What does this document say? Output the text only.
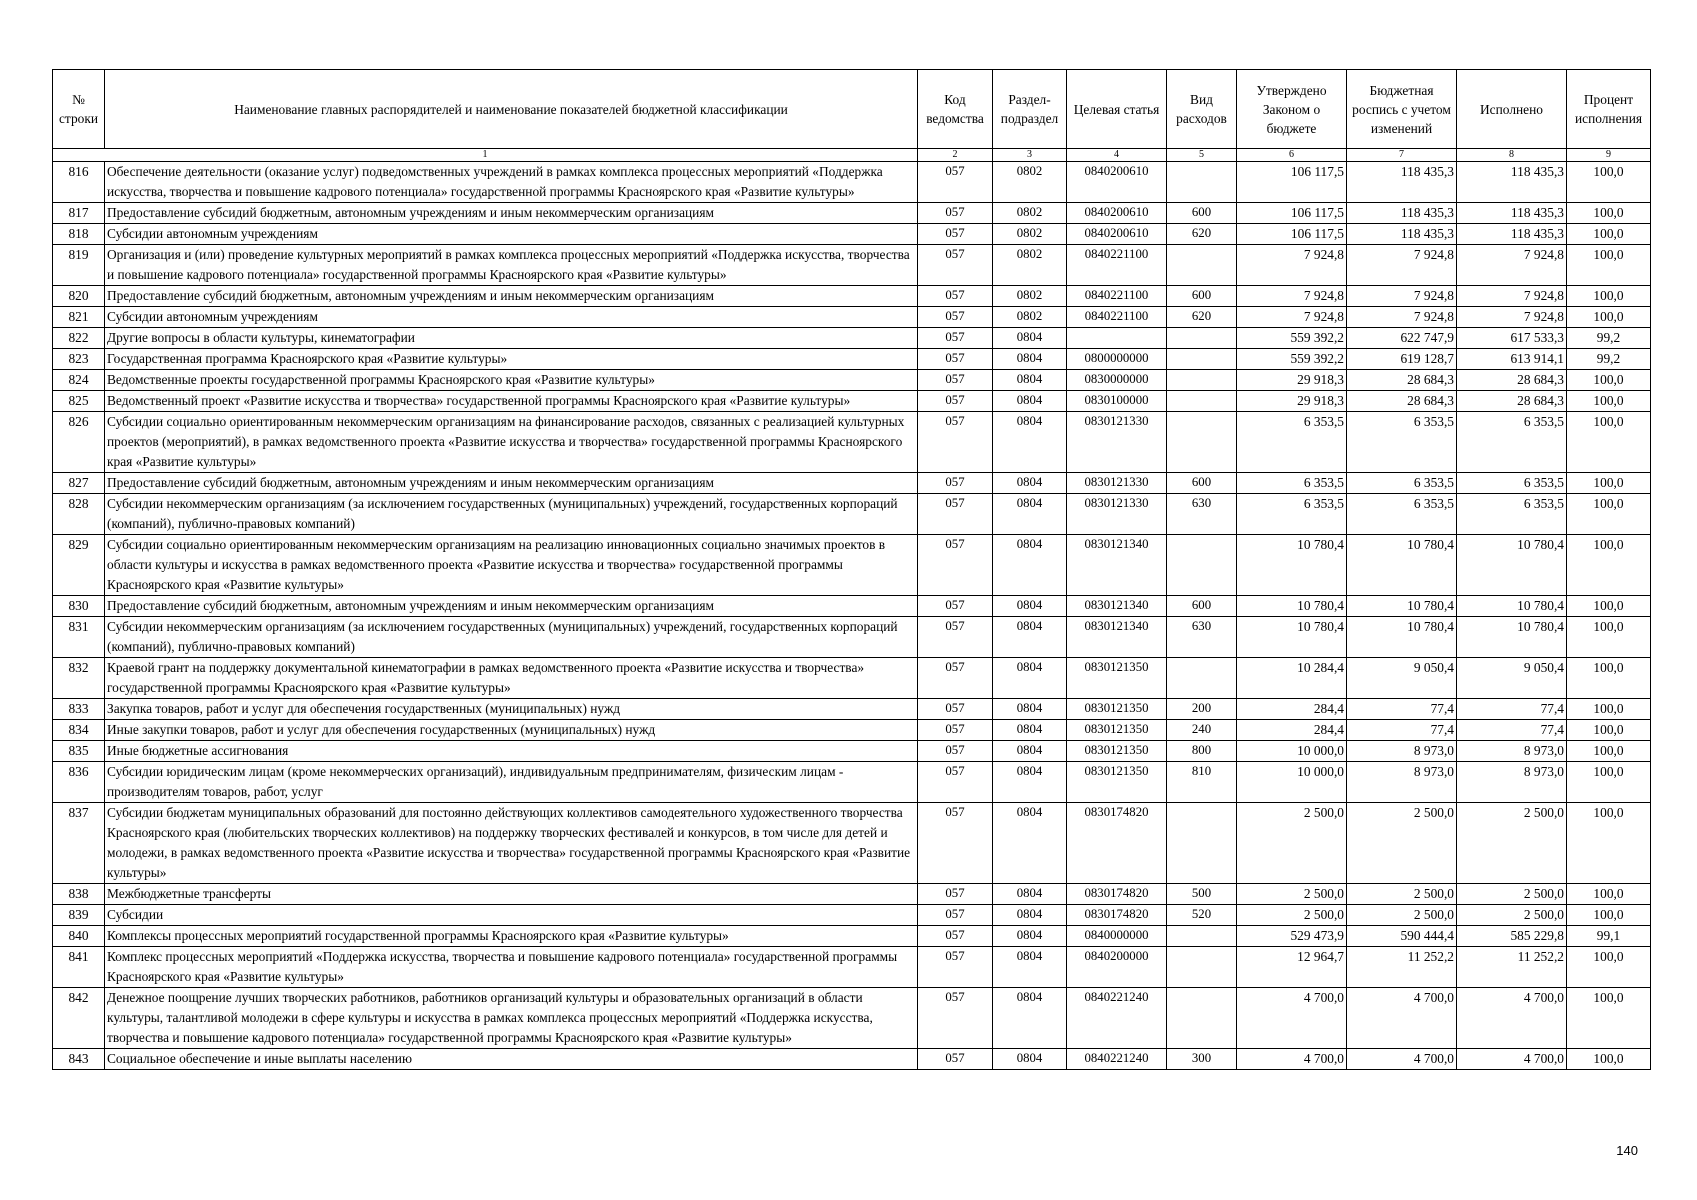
№ строки	Наименование главных распорядителей и наименование показателей бюджетной классификации	Код ведомства	Раздел-подраздел	Целевая статья	Вид расходов	Утверждено Законом о бюджете	Бюджетная роспись с учетом изменений	Исполнено	Процент исполнения
1		2	3	4	5	6	7	8	9
816	Обеспечение деятельности (оказание услуг) подведомственных учреждений в рамках комплекса процессных мероприятий «Поддержка искусства, творчества и повышение кадрового потенциала» государственной программы Красноярского края «Развитие культуры»	057	0802	0840200610		106 117,5	118 435,3	118 435,3	100,0
817	Предоставление субсидий бюджетным, автономным учреждениям и иным некоммерческим организациям	057	0802	0840200610	600	106 117,5	118 435,3	118 435,3	100,0
818	Субсидии автономным учреждениям	057	0802	0840200610	620	106 117,5	118 435,3	118 435,3	100,0
819	Организация и (или) проведение культурных мероприятий в рамках комплекса процессных мероприятий «Поддержка искусства, творчества и повышение кадрового потенциала» государственной программы Красноярского края «Развитие культуры»	057	0802	0840221100		7 924,8	7 924,8	7 924,8	100,0
820	Предоставление субсидий бюджетным, автономным учреждениям и иным некоммерческим организациям	057	0802	0840221100	600	7 924,8	7 924,8	7 924,8	100,0
821	Субсидии автономным учреждениям	057	0802	0840221100	620	7 924,8	7 924,8	7 924,8	100,0
822	Другие вопросы в области культуры, кинематографии	057	0804			559 392,2	622 747,9	617 533,3	99,2
823	Государственная программа Красноярского края «Развитие культуры»	057	0804	0800000000		559 392,2	619 128,7	613 914,1	99,2
824	Ведомственные проекты государственной программы Красноярского края «Развитие культуры»	057	0804	0830000000		29 918,3	28 684,3	28 684,3	100,0
825	Ведомственный проект «Развитие искусства и творчества» государственной программы Красноярского края «Развитие культуры»	057	0804	0830100000		29 918,3	28 684,3	28 684,3	100,0
826	Субсидии социально ориентированным некоммерческим организациям на финансирование расходов, связанных с реализацией культурных проектов (мероприятий), в рамках ведомственного проекта «Развитие искусства и творчества» государственной программы Красноярского края «Развитие культуры»	057	0804	0830121330		6 353,5	6 353,5	6 353,5	100,0
827	Предоставление субсидий бюджетным, автономным учреждениям и иным некоммерческим организациям	057	0804	0830121330	600	6 353,5	6 353,5	6 353,5	100,0
828	Субсидии некоммерческим организациям (за исключением государственных (муниципальных) учреждений, государственных корпораций (компаний), публично-правовых компаний)	057	0804	0830121330	630	6 353,5	6 353,5	6 353,5	100,0
829	Субсидии социально ориентированным некоммерческим организациям на реализацию инновационных социально значимых проектов в области культуры и искусства в рамках ведомственного проекта «Развитие искусства и творчества» государственной программы Красноярского края «Развитие культуры»	057	0804	0830121340		10 780,4	10 780,4	10 780,4	100,0
830	Предоставление субсидий бюджетным, автономным учреждениям и иным некоммерческим организациям	057	0804	0830121340	600	10 780,4	10 780,4	10 780,4	100,0
831	Субсидии некоммерческим организациям (за исключением государственных (муниципальных) учреждений, государственных корпораций (компаний), публично-правовых компаний)	057	0804	0830121340	630	10 780,4	10 780,4	10 780,4	100,0
832	Краевой грант на поддержку документальной кинематографии в рамках ведомственного проекта «Развитие искусства и творчества» государственной программы Красноярского края «Развитие культуры»	057	0804	0830121350		10 284,4	9 050,4	9 050,4	100,0
833	Закупка товаров, работ и услуг для обеспечения государственных (муниципальных) нужд	057	0804	0830121350	200	284,4	77,4	77,4	100,0
834	Иные закупки товаров, работ и услуг для обеспечения государственных (муниципальных) нужд	057	0804	0830121350	240	284,4	77,4	77,4	100,0
835	Иные бюджетные ассигнования	057	0804	0830121350	800	10 000,0	8 973,0	8 973,0	100,0
836	Субсидии юридическим лицам (кроме некоммерческих организаций), индивидуальным предпринимателям, физическим лицам - производителям товаров, работ, услуг	057	0804	0830121350	810	10 000,0	8 973,0	8 973,0	100,0
837	Субсидии бюджетам муниципальных образований для постоянно действующих коллективов самодеятельного художественного творчества Красноярского края (любительских творческих коллективов) на поддержку творческих фестивалей и конкурсов, в том числе для детей и молодежи, в рамках ведомственного проекта «Развитие искусства и творчества» государственной программы Красноярского края «Развитие культуры»	057	0804	0830174820		2 500,0	2 500,0	2 500,0	100,0
838	Межбюджетные трансферты	057	0804	0830174820	500	2 500,0	2 500,0	2 500,0	100,0
839	Субсидии	057	0804	0830174820	520	2 500,0	2 500,0	2 500,0	100,0
840	Комплексы процессных мероприятий государственной программы Красноярского края «Развитие культуры»	057	0804	0840000000		529 473,9	590 444,4	585 229,8	99,1
841	Комплекс процессных мероприятий «Поддержка искусства, творчества и повышение кадрового потенциала» государственной программы Красноярского края «Развитие культуры»	057	0804	0840200000		12 964,7	11 252,2	11 252,2	100,0
842	Денежное поощрение лучших творческих работников, работников организаций культуры и образовательных организаций в области культуры, талантливой молодежи в сфере культуры и искусства в рамках комплекса процессных мероприятий «Поддержка искусства, творчества и повышение кадрового потенциала» государственной программы Красноярского края «Развитие культуры»	057	0804	0840221240		4 700,0	4 700,0	4 700,0	100,0
843	Социальное обеспечение и иные выплаты населению	057	0804	0840221240	300	4 700,0	4 700,0	4 700,0	100,0
140
